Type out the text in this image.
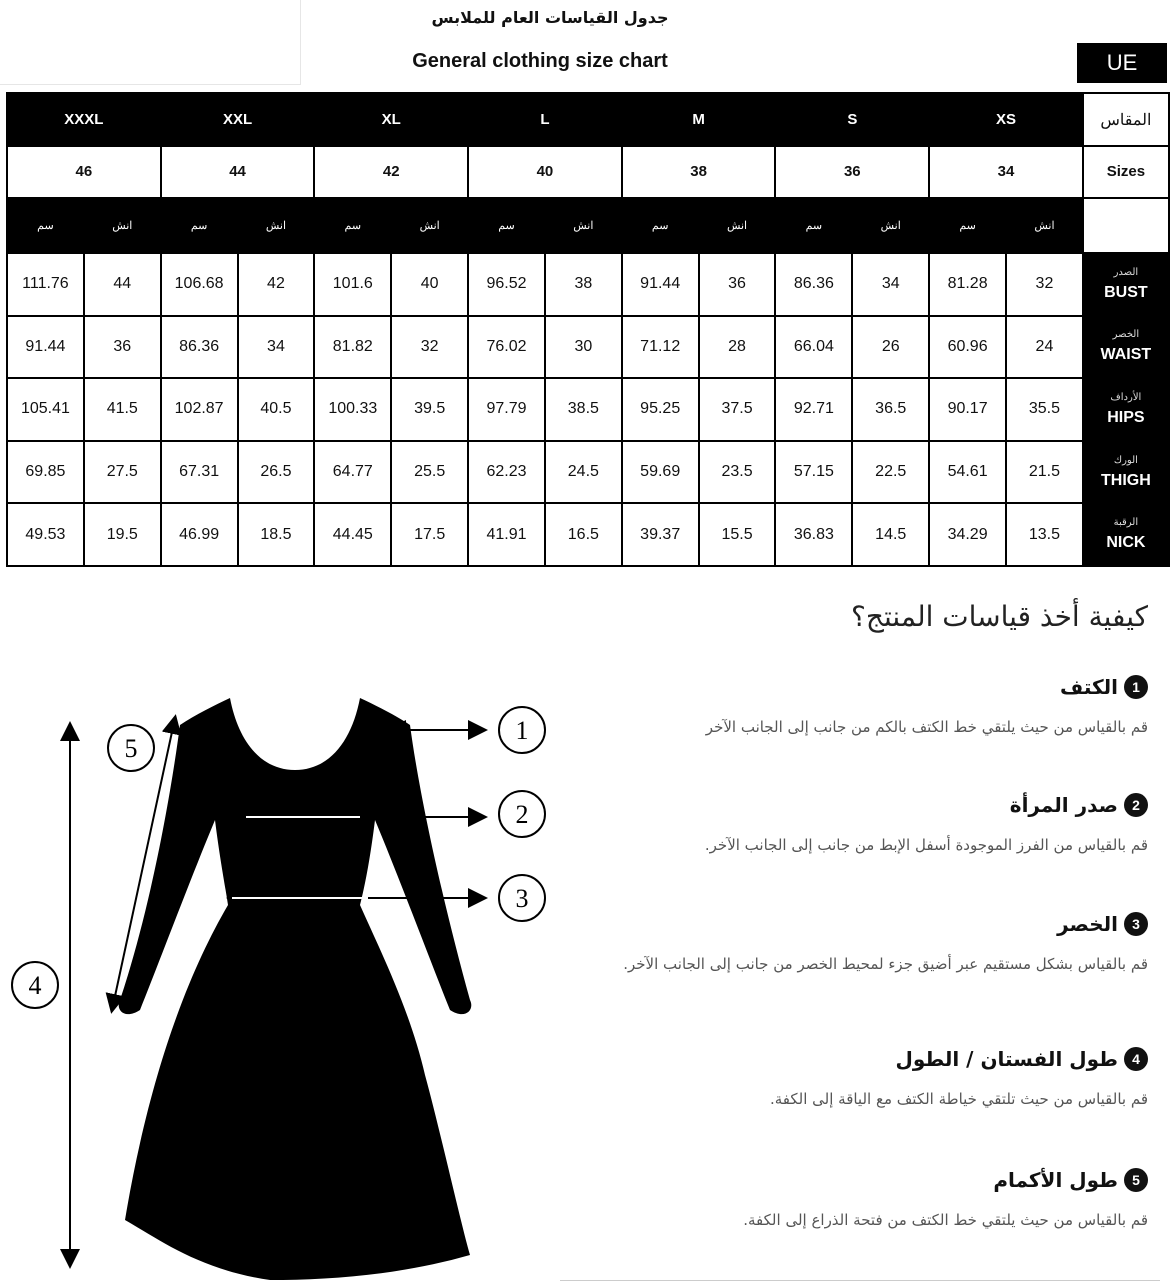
جدول القياسات العام للملابس
General clothing size chart	UE
XXXL		XXL		XL		L		M		S		XS		المقاس
46		44		42		40		38		36		34		Sizes
سم	انش	سم	انش	سم	انش	سم	انش	سم	انش	سم	انش	سم	انش	
111.76	44	106.68	42	101.6	40	96.52	38	91.44	36	86.36	34	81.28	32	الصدر
BUST

91.44	36	86.36	34	81.82	32	76.02	30	71.12	28	66.04	26	60.96	24	الخصر
WAIST

105.41	41.5	102.87	40.5	100.33	39.5	97.79	38.5	95.25	37.5	92.71	36.5	90.17	35.5	الأرداف
HIPS

69.85	27.5	67.31	26.5	64.77	25.5	62.23	24.5	59.69	23.5	57.15	22.5	54.61	21.5	الورك
THIGH

49.53	19.5	46.99	18.5	44.45	17.5	41.91	16.5	39.37	15.5	36.83	14.5	34.29	13.5	الرقبة
NICK
كيفية أخذ قياسات المنتج؟
1
الكتف
قم بالقياس من حيث يلتقي خط الكتف بالكم من جانب إلى الجانب الآخر
2
صدر المرأة
قم بالقياس من الفرز الموجودة أسفل الإبط من جانب إلى الجانب الآخر.
3
الخصر
قم بالقياس بشكل مستقيم عبر أضيق جزء لمحيط الخصر من جانب إلى الجانب الآخر.
4
طول الفستان / الطول
قم بالقياس من حيث تلتقي خياطة الكتف مع الياقة إلى الكفة.
5
طول الأكمام
قم بالقياس من حيث يلتقي خط الكتف من فتحة الذراع إلى الكفة.
1
2
3
4
5
